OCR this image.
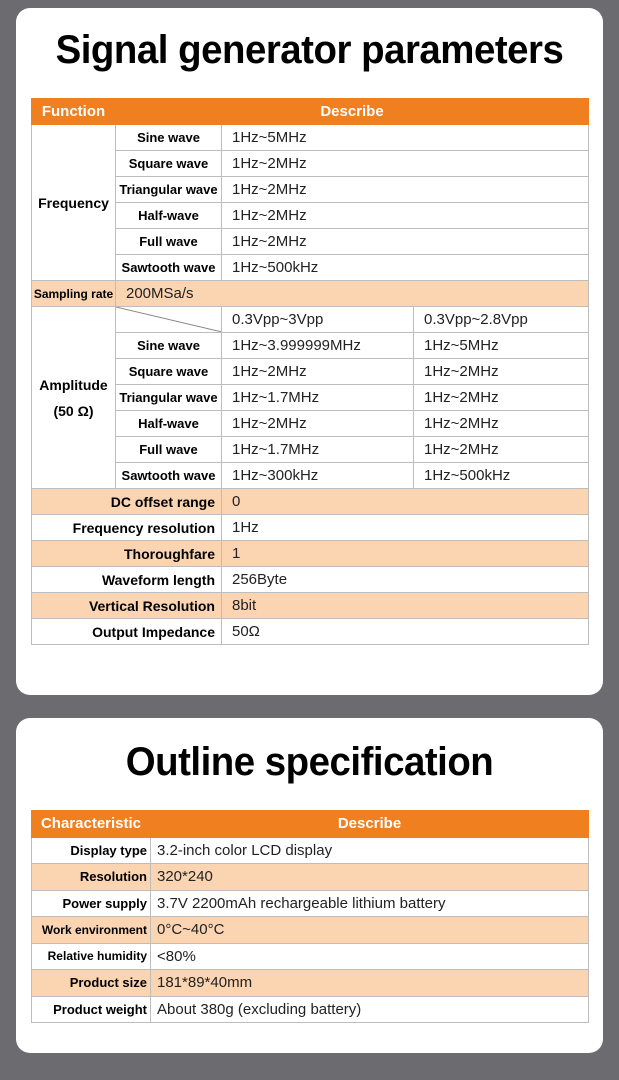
Signal generator parameters
Function	Describe		
Frequency	Sine wave	1Hz~5MHz	
	Square wave	1Hz~2MHz	
	Triangular wave	1Hz~2MHz	
	Half-wave	1Hz~2MHz	
	Full wave	1Hz~2MHz	
	Sawtooth wave	1Hz~500kHz	
Sampling rate	200MSa/s		

Amplitude
(50 Ω)		0.3Vpp~3Vpp	0.3Vpp~2.8Vpp
	Sine wave	1Hz~3.999999MHz	1Hz~5MHz
	Square wave	1Hz~2MHz	1Hz~2MHz
	Triangular wave	1Hz~1.7MHz	1Hz~2MHz
	Half-wave	1Hz~2MHz	1Hz~2MHz
	Full wave	1Hz~1.7MHz	1Hz~2MHz
	Sawtooth wave	1Hz~300kHz	1Hz~500kHz
DC offset range		0	
Frequency resolution		1Hz	
Thoroughfare		1	
Waveform length		256Byte	
Vertical Resolution		8bit	
Output Impedance		50Ω	
Outline specification
Characteristic	Describe
Display type	3.2-inch color LCD display
Resolution	320*240
Power supply	3.7V 2200mAh rechargeable lithium battery
Work environment	0°C~40°C
Relative humidity	<80%
Product size	181*89*40mm
Product weight	About 380g (excluding battery)
